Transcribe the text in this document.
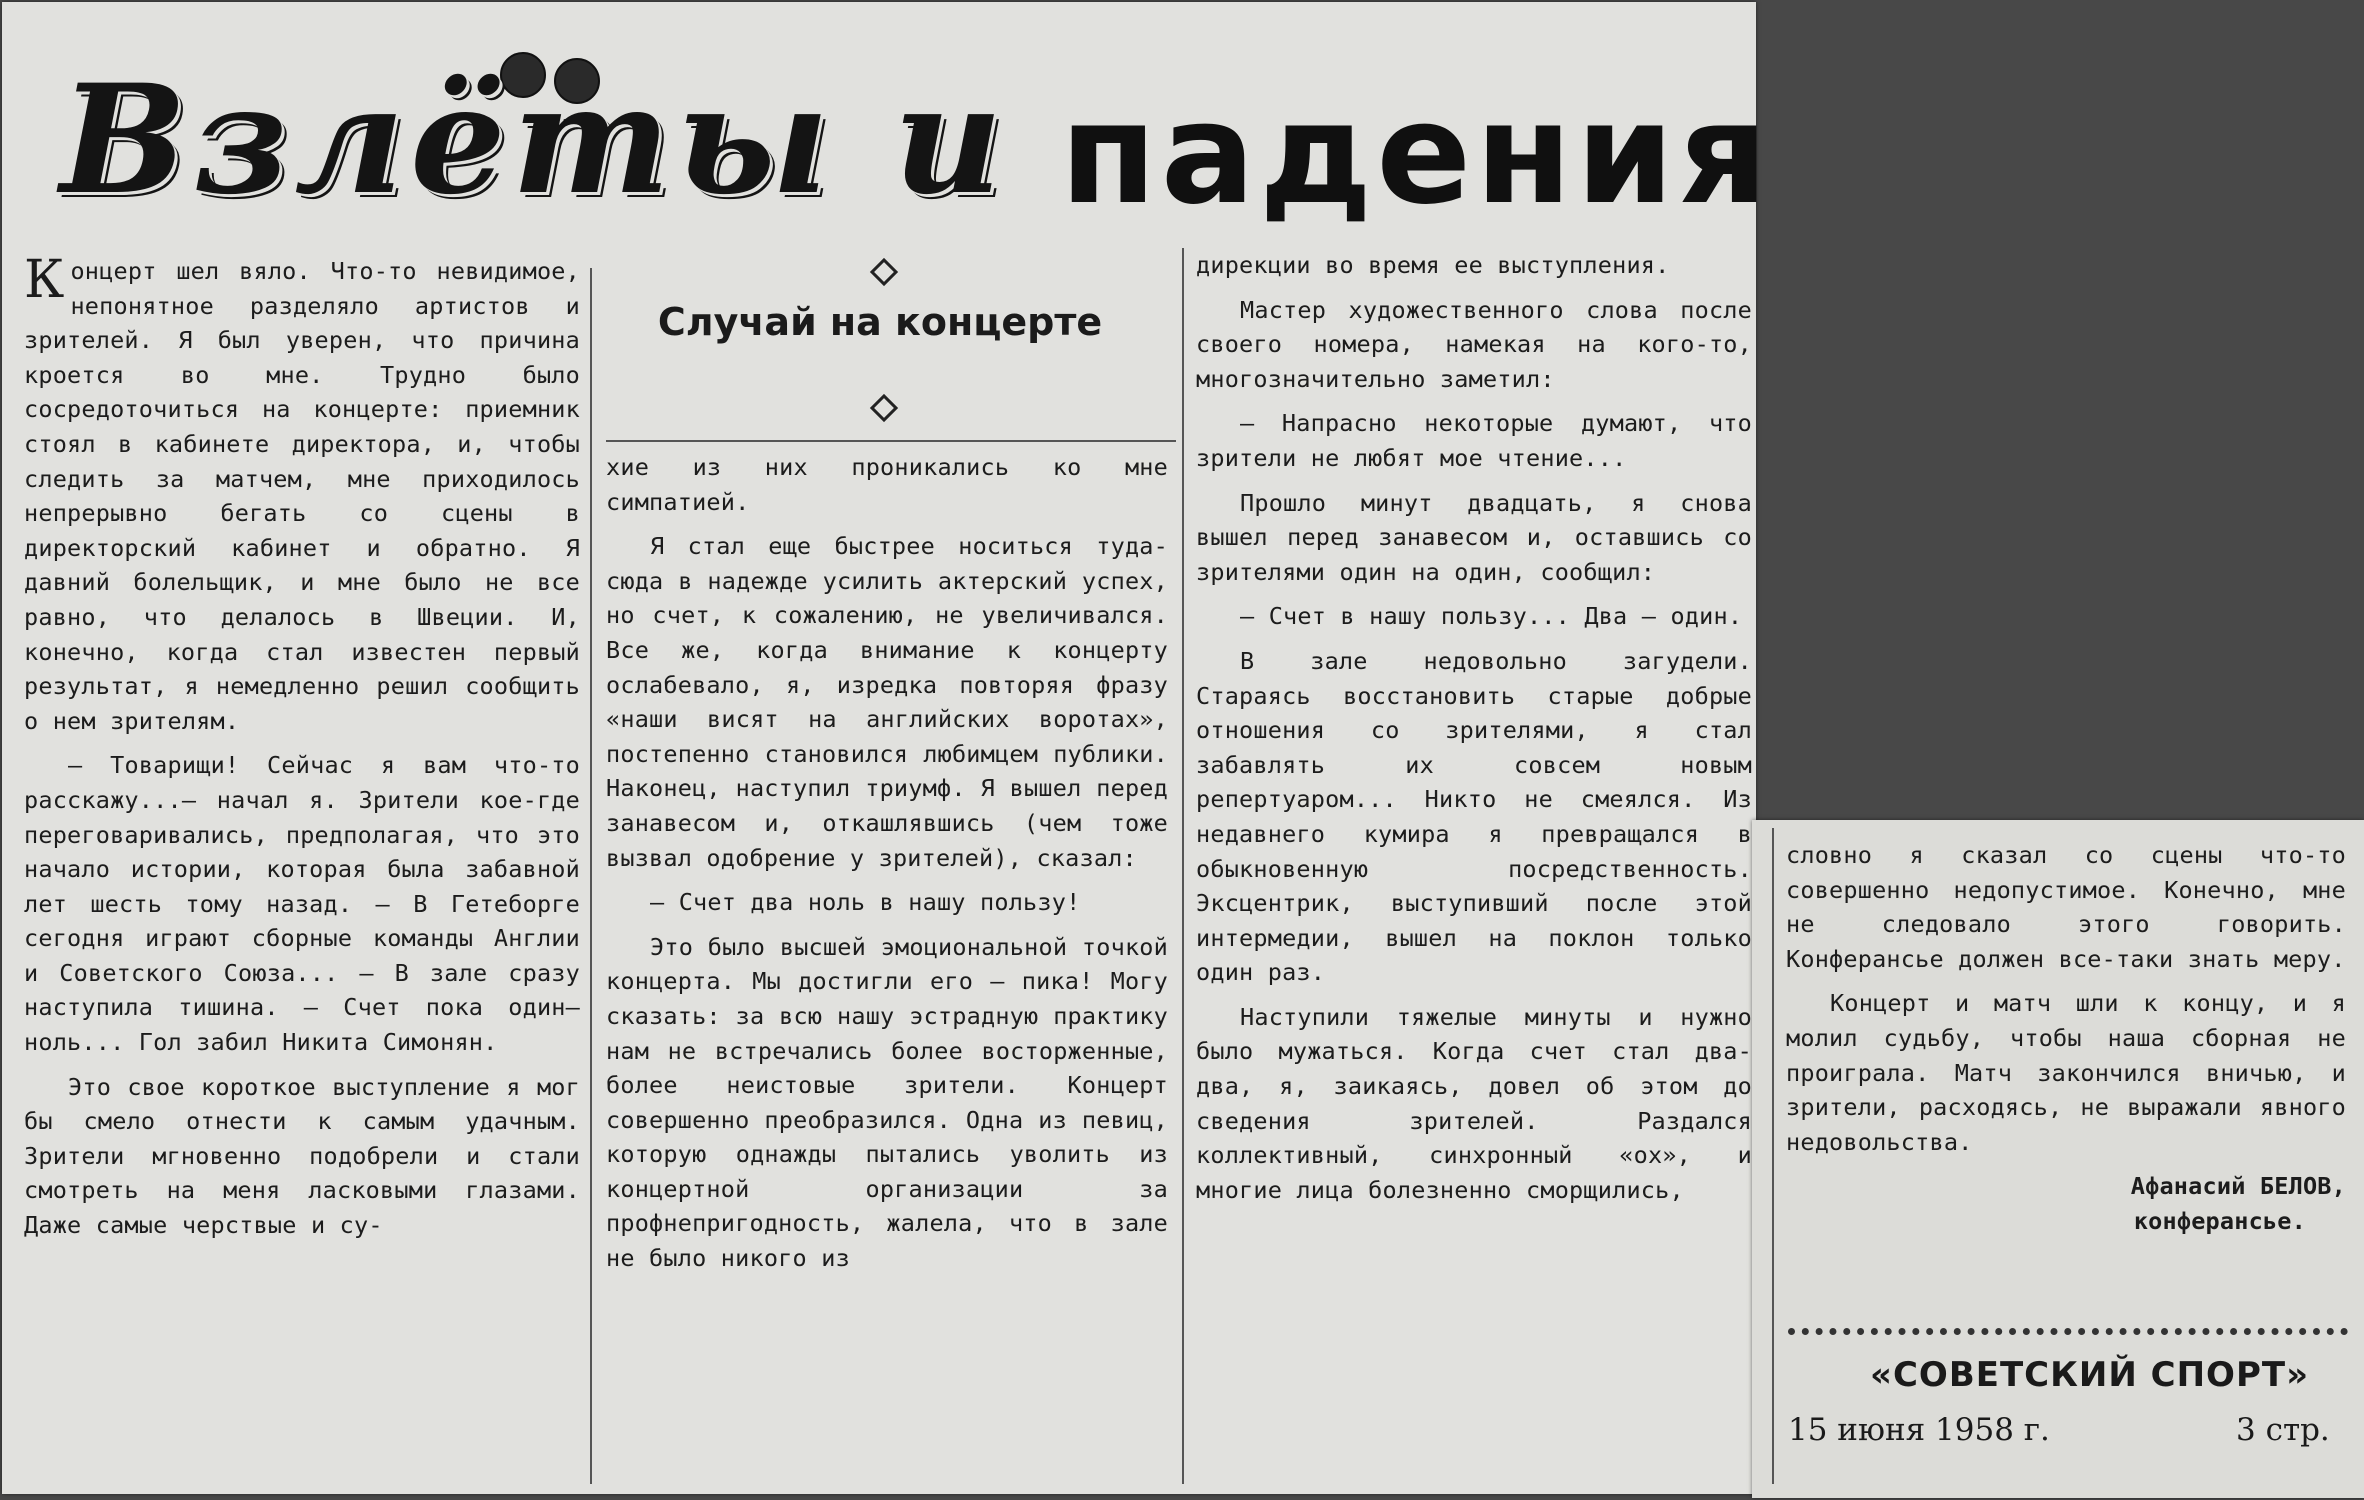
Взлёты и падения
Случай на концерте

Концерт шел вяло. Что-то невидимое, непонятное разделяло артистов и зрителей. Я был уверен, что причина кроется во мне. Трудно было сосредоточиться на концерте: приемник стоял в кабинете директора, и, чтобы следить за матчем, мне приходилось непрерывно бегать со сцены в директорский кабинет и обратно. Я давний болельщик, и мне было не все равно, что делалось в Швеции. И, конечно, когда стал известен первый результат, я немедленно решил сообщить о нем зрителям.

— Товарищи! Сейчас я вам что-то расскажу...— начал я. Зрители кое-где переговаривались, предполагая, что это начало истории, которая была забавной лет шесть тому назад. — В Гетеборге сегодня играют сборные команды Англии и Советского Союза... — В зале сразу наступила тишина. — Счет пока один—ноль... Гол забил Никита Симонян.

Это свое короткое выступление я мог бы смело отнести к самым удачным. Зрители мгновенно подобрели и стали смотреть на меня ласковыми глазами. Даже самые черствые и су-

хие из них проникались ко мне симпатией.

Я стал еще быстрее носиться туда-сюда в надежде усилить актерский успех, но счет, к сожалению, не увеличивался. Все же, когда внимание к концерту ослабевало, я, изредка повторяя фразу «наши висят на английских воротах», постепенно становился любимцем публики. Наконец, наступил триумф. Я вышел перед занавесом и, откашлявшись (чем тоже вызвал одобрение у зрителей), сказал:

— Счет два ноль в нашу пользу!

Это было высшей эмоциональной точкой концерта. Мы достигли его — пика! Могу сказать: за всю нашу эстрадную практику нам не встречались более восторженные, более неистовые зрители. Концерт совершенно преобразился. Одна из певиц, которую однажды пытались уволить из концертной организации за профнепригодность, жалела, что в зале не было никого из

дирекции во время ее выступления.

Мастер художественного слова после своего номера, намекая на кого-то, многозначительно заметил:

— Напрасно некоторые думают, что зрители не любят мое чтение...

Прошло минут двадцать, я снова вышел перед занавесом и, оставшись со зрителями один на один, сообщил:

— Счет в нашу пользу... Два — один.

В зале недовольно загудели. Стараясь восстановить старые добрые отношения со зрителями, я стал забавлять их совсем новым репертуаром... Никто не смеялся. Из недавнего кумира я превращался в обыкновенную посредственность. Эксцентрик, выступивший после этой интермедии, вышел на поклон только один раз.

Наступили тяжелые минуты и нужно было мужаться. Когда счет стал два-два, я, заикаясь, довел об этом до сведения зрителей. Раздался коллективный, синхронный «ох», и многие лица болезненно сморщились,

словно я сказал со сцены что-то совершенно недопустимое. Конечно, мне не следовало этого говорить. Конферансье должен все-таки знать меру.

Концерт и матч шли к концу, и я молил судьбу, чтобы наша сборная не проиграла. Матч закончился вничью, и зрители, расходясь, не выражали явного недовольства.

Афанасий БЕЛОВ,
конферансье.
«СОВЕТСКИЙ СПОРТ»
15 июня 1958 г.	3 стр.
